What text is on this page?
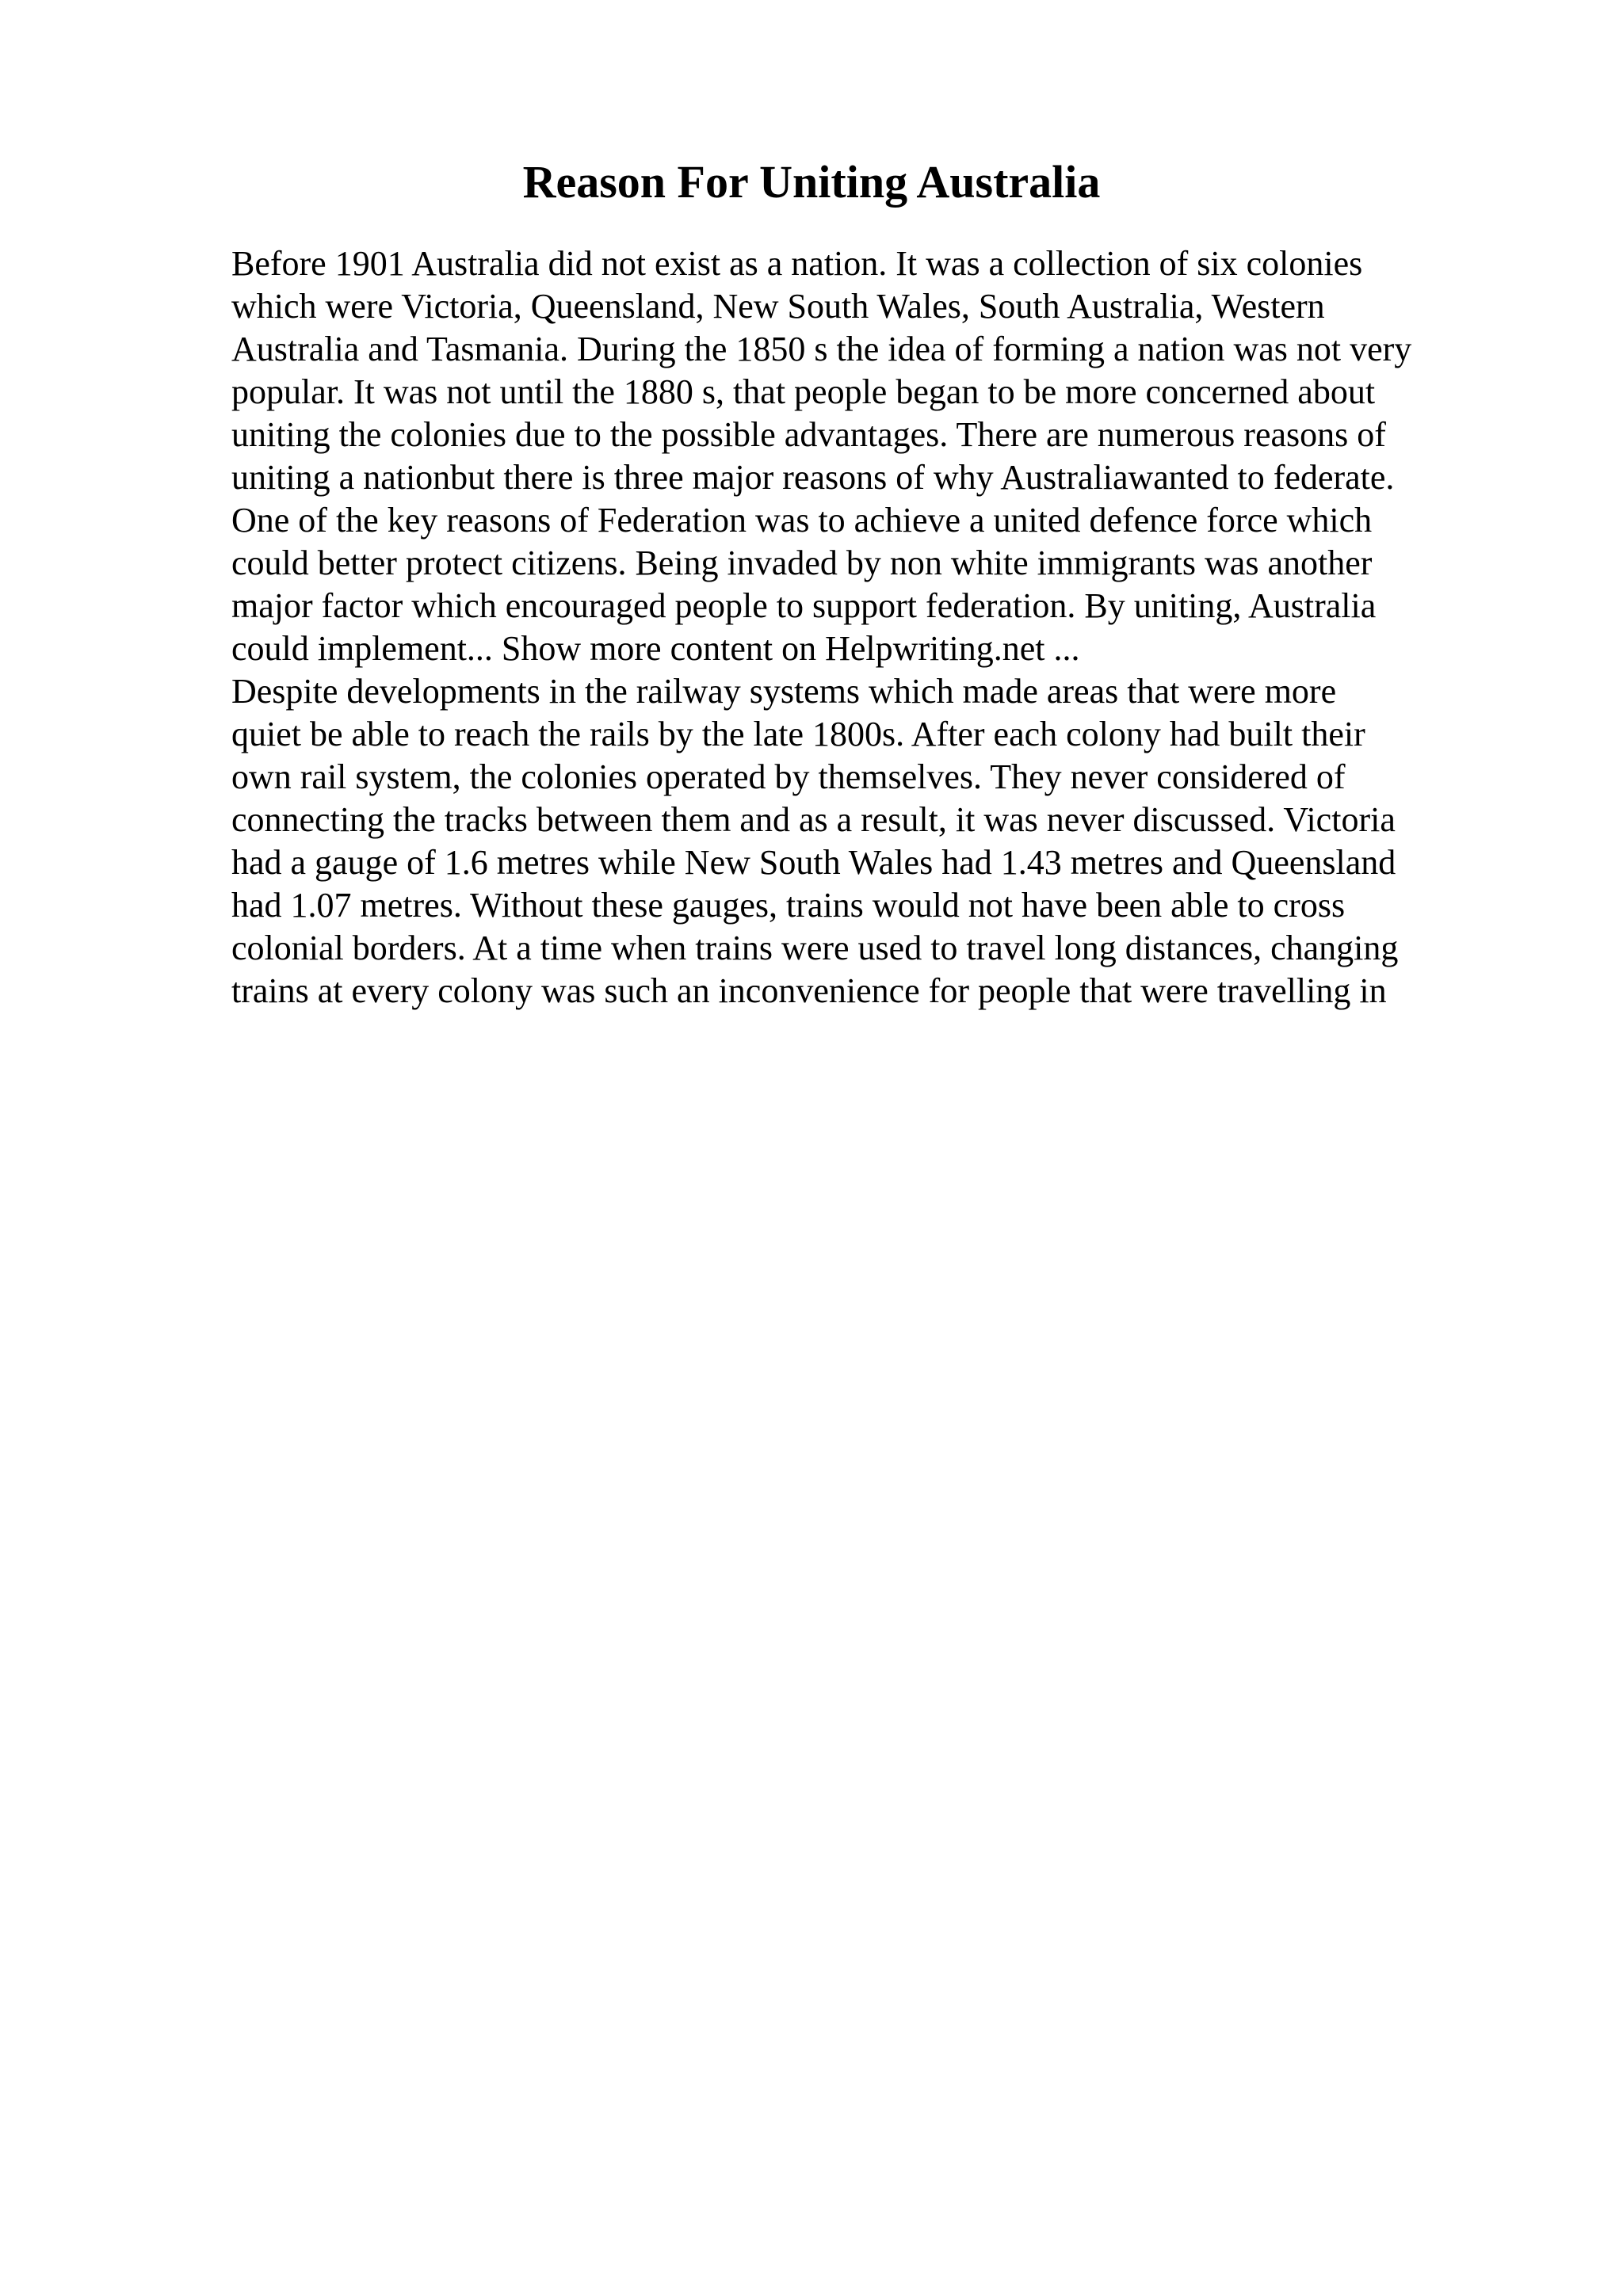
Reason For Uniting Australia
Before 1901 Australia did not exist as a nation. It was a collection of six colonies
which were Victoria, Queensland, New South Wales, South Australia, Western
Australia and Tasmania. During the 1850 s the idea of forming a nation was not very
popular. It was not until the 1880 s, that people began to be more concerned about
uniting the colonies due to the possible advantages. There are numerous reasons of
uniting a nationbut there is three major reasons of why Australiawanted to federate.
One of the key reasons of Federation was to achieve a united defence force which
could better protect citizens. Being invaded by non white immigrants was another
major factor which encouraged people to support federation. By uniting, Australia
could implement... Show more content on Helpwriting.net ...
Despite developments in the railway systems which made areas that were more
quiet be able to reach the rails by the late 1800s. After each colony had built their
own rail system, the colonies operated by themselves. They never considered of
connecting the tracks between them and as a result, it was never discussed. Victoria
had a gauge of 1.6 metres while New South Wales had 1.43 metres and Queensland
had 1.07 metres. Without these gauges, trains would not have been able to cross
colonial borders. At a time when trains were used to travel long distances, changing
trains at every colony was such an inconvenience for people that were travelling in
